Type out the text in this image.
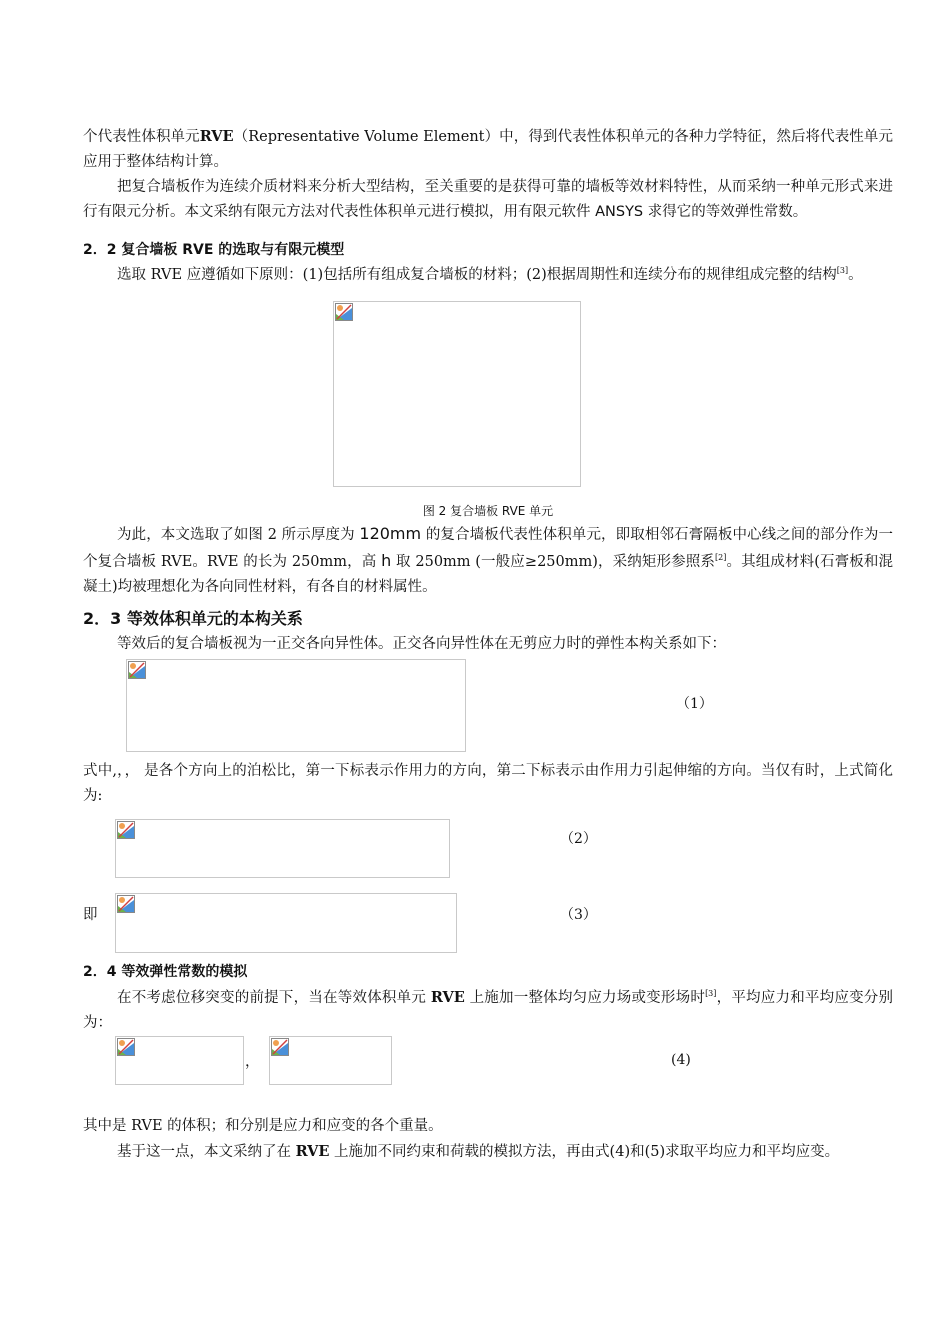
个代表性体积单元RVE（Representative Volume Element）中，得到代表性体积单元的各种力学特征，然后将代表性单元应用于整体结构计算。

把复合墙板作为连续介质材料来分析大型结构，至关重要的是获得可靠的墙板等效材料特性，从而采纳一种单元形式来进行有限元分析。本文采纳有限元方法对代表性体积单元进行模拟，用有限元软件 ANSYS 求得它的等效弹性常数。

2．2 复合墙板 RVE 的选取与有限元模型

选取 RVE 应遵循如下原则：(1)包括所有组成复合墙板的材料；(2)根据周期性和连续分布的规律组成完整的结构[3]。

图 2 复合墙板 RVE 单元

为此，本文选取了如图 2 所示厚度为 120mm 的复合墙板代表性体积单元，即取相邻石膏隔板中心线之间的部分作为一个复合墙板 RVE。RVE 的长为 250mm，高 h 取 250mm (一般应≥250mm)，采纳矩形参照系[2]。其组成材料(石膏板和混凝土)均被理想化为各向同性材料，有各自的材料属性。

2．3 等效体积单元的本构关系

等效后的复合墙板视为一正交各向异性体。正交各向异性体在无剪应力时的弹性本构关系如下：

（1）

式中,，， 是各个方向上的泊松比，第一下标表示作用力的方向，第二下标表示由作用力引起伸缩的方向。当仅有时，上式简化为:

（2）
即	（3）
2．4 等效弹性常数的模拟

在不考虑位移突变的前提下，当在等效体积单元 RVE 上施加一整体均匀应力场或变形场时[3]，平均应力和平均应变分别为：

，	(4)

其中是 RVE 的体积；和分别是应力和应变的各个重量。

基于这一点，本文采纳了在 RVE 上施加不同约束和荷载的模拟方法，再由式(4)和(5)求取平均应力和平均应变。
